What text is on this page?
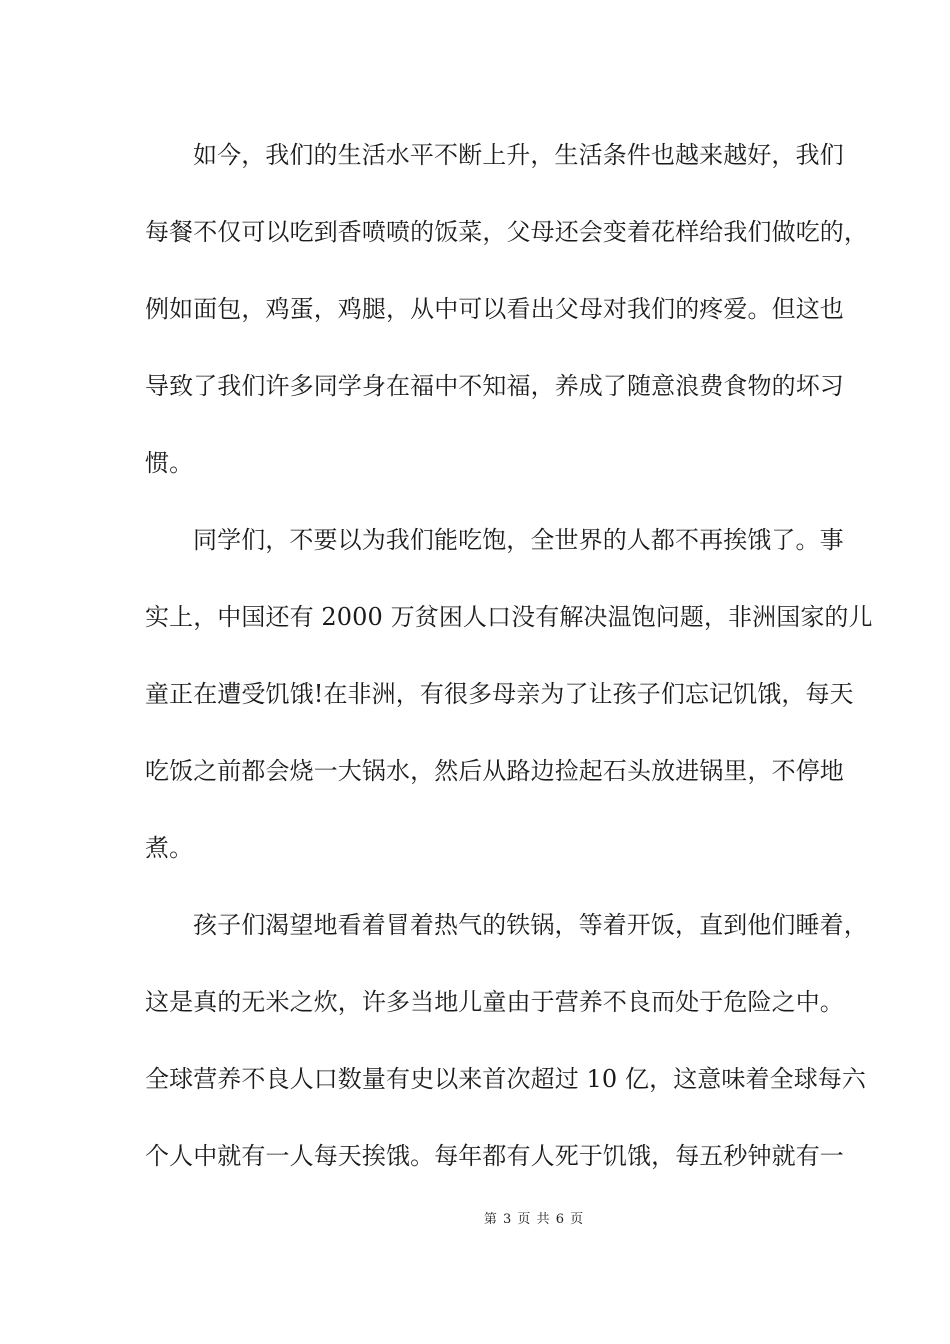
如今，我们的生活水平不断上升，生活条件也越来越好，我们
每餐不仅可以吃到香喷喷的饭菜，父母还会变着花样给我们做吃的，
例如面包，鸡蛋，鸡腿，从中可以看出父母对我们的疼爱。但这也
导致了我们许多同学身在福中不知福，养成了随意浪费食物的坏习
惯。
同学们，不要以为我们能吃饱，全世界的人都不再挨饿了。事
实上，中国还有 2000 万贫困人口没有解决温饱问题，非洲国家的儿
童正在遭受饥饿!在非洲，有很多母亲为了让孩子们忘记饥饿，每天
吃饭之前都会烧一大锅水，然后从路边捡起石头放进锅里，不停地
煮。
孩子们渴望地看着冒着热气的铁锅，等着开饭，直到他们睡着，
这是真的无米之炊，许多当地儿童由于营养不良而处于危险之中。
全球营养不良人口数量有史以来首次超过 10 亿，这意味着全球每六
个人中就有一人每天挨饿。每年都有人死于饥饿，每五秒钟就有一
第 3 页 共 6 页
